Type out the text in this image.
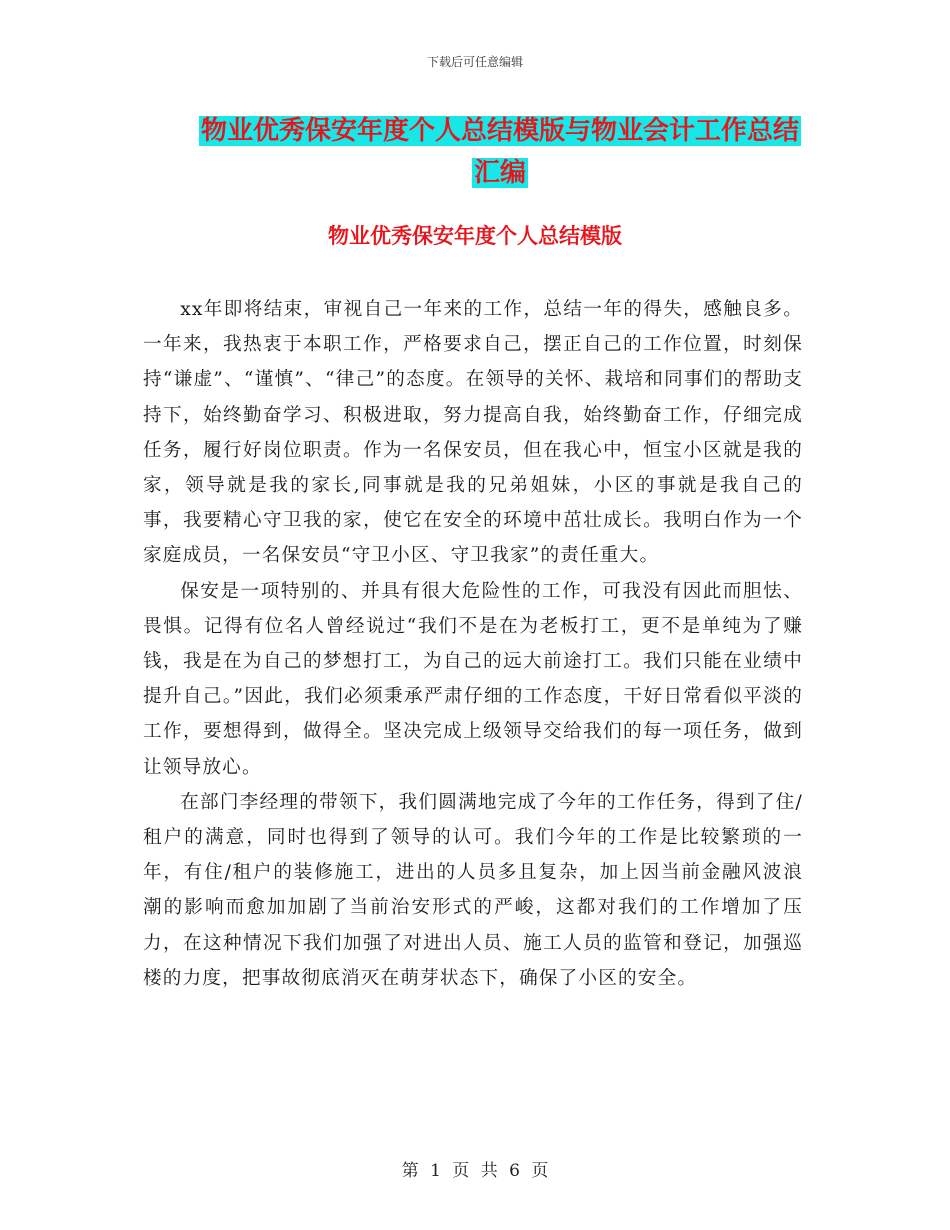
下载后可任意编辑
物业优秀保安年度个人总结模版与物业会计工作总结
汇编
物业优秀保安年度个人总结模版

xx年即将结束，审视自己一年来的工作，总结一年的得失，感触良多。一年来，我热衷于本职工作，严格要求自己，摆正自己的工作位置，时刻保持“谦虚”、“谨慎”、“律己”的态度。在领导的关怀、栽培和同事们的帮助支持下，始终勤奋学习、积极进取，努力提高自我，始终勤奋工作，仔细完成任务，履行好岗位职责。作为一名保安员，但在我心中，恒宝小区就是我的家，领导就是我的家长,同事就是我的兄弟姐妹，小区的事就是我自己的事，我要精心守卫我的家，使它在安全的环境中茁壮成长。我明白作为一个家庭成员，一名保安员“守卫小区、守卫我家”的责任重大。

保安是一项特别的、并具有很大危险性的工作，可我没有因此而胆怯、畏惧。记得有位名人曾经说过“我们不是在为老板打工，更不是单纯为了赚钱，我是在为自己的梦想打工，为自己的远大前途打工。我们只能在业绩中提升自己。”因此，我们必须秉承严肃仔细的工作态度，干好日常看似平淡的工作，要想得到，做得全。坚决完成上级领导交给我们的每一项任务，做到让领导放心。

在部门李经理的带领下，我们圆满地完成了今年的工作任务，得到了住/租户的满意，同时也得到了领导的认可。我们今年的工作是比较繁琐的一年，有住/租户的装修施工，进出的人员多且复杂，加上因当前金融风波浪潮的影响而愈加加剧了当前治安形式的严峻，这都对我们的工作增加了压力，在这种情况下我们加强了对进出人员、施工人员的监管和登记，加强巡楼的力度，把事故彻底消灭在萌芽状态下，确保了小区的安全。

第 1 页 共 6 页
